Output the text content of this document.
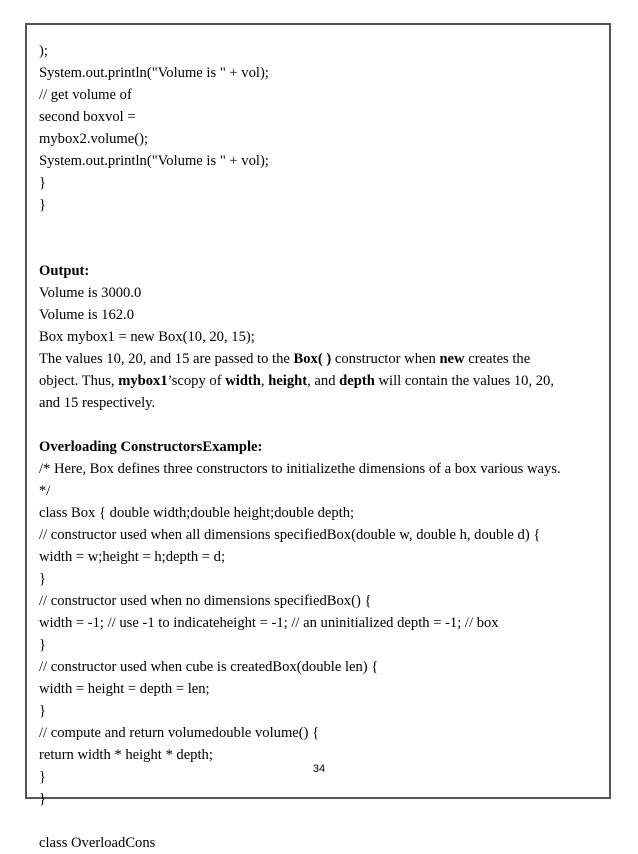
);
System.out.println("Volume is " + vol);
// get volume of
second boxvol =
mybox2.volume();
System.out.println("Volume is " + vol);
}
}
Output:
Volume is 3000.0
Volume is 162.0
Box mybox1 = new Box(10, 20, 15);
The values 10, 20, and 15 are passed to the Box( ) constructor when new creates the
object. Thus, mybox1’scopy of width, height, and depth will contain the values 10, 20,
and 15 respectively.
Overloading ConstructorsExample:
/* Here, Box defines three constructors to initializethe dimensions of a box various ways.
*/
class Box { double width;double height;double depth;
// constructor used when all dimensions specifiedBox(double w, double h, double d) {
width = w;height = h;depth = d;
}
// constructor used when no dimensions specifiedBox() {
width = -1; // use -1 to indicateheight = -1; // an uninitialized depth = -1; // box
}
// constructor used when cube is createdBox(double len) {
width = height = depth = len;
}
// compute and return volumedouble volume() {
return width * height * depth;
}
}
class OverloadCons
34
